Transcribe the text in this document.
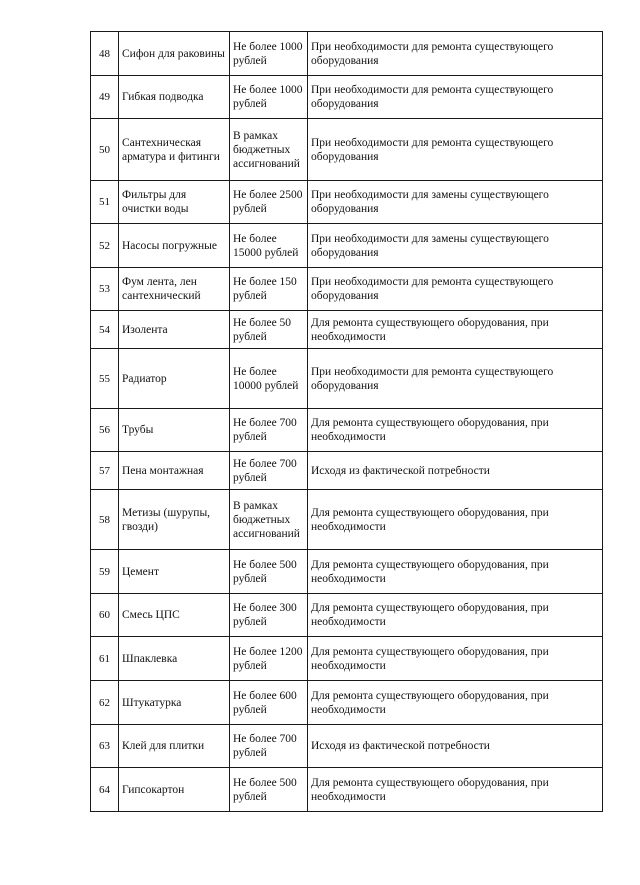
48	Сифон для раковины	Не более 1000 рублей	При необходимости для ремонта существующего оборудования
49	Гибкая подводка	Не более 1000 рублей	При необходимости для ремонта существующего оборудования
50	Сантехническая арматура и фитинги	В рамках бюджетных ассигнований	При необходимости для ремонта существующего оборудования
51	Фильтры для очистки воды	Не более 2500 рублей	При необходимости для замены существующего оборудования
52	Насосы погружные	Не более 15000 рублей	При необходимости для замены существующего оборудования
53	Фум лента, лен сантехнический	Не более 150 рублей	При необходимости для ремонта существующего оборудования
54	Изолента	Не более 50 рублей	Для ремонта существующего оборудования, при необходимости
55	Радиатор	Не более 10000 рублей	При необходимости для ремонта существующего оборудования
56	Трубы	Не более 700 рублей	Для ремонта существующего оборудования, при необходимости
57	Пена монтажная	Не более 700 рублей	Исходя из фактической потребности
58	Метизы (шурупы, гвозди)	В рамках бюджетных ассигнований	Для ремонта существующего оборудования, при необходимости
59	Цемент	Не более 500 рублей	Для ремонта существующего оборудования, при необходимости
60	Смесь ЦПС	Не более 300 рублей	Для ремонта существующего оборудования, при необходимости
61	Шпаклевка	Не более 1200 рублей	Для ремонта существующего оборудования, при необходимости
62	Штукатурка	Не более 600 рублей	Для ремонта существующего оборудования, при необходимости
63	Клей для плитки	Не более 700 рублей	Исходя из фактической потребности
64	Гипсокартон	Не более 500 рублей	Для ремонта существующего оборудования, при необходимости
